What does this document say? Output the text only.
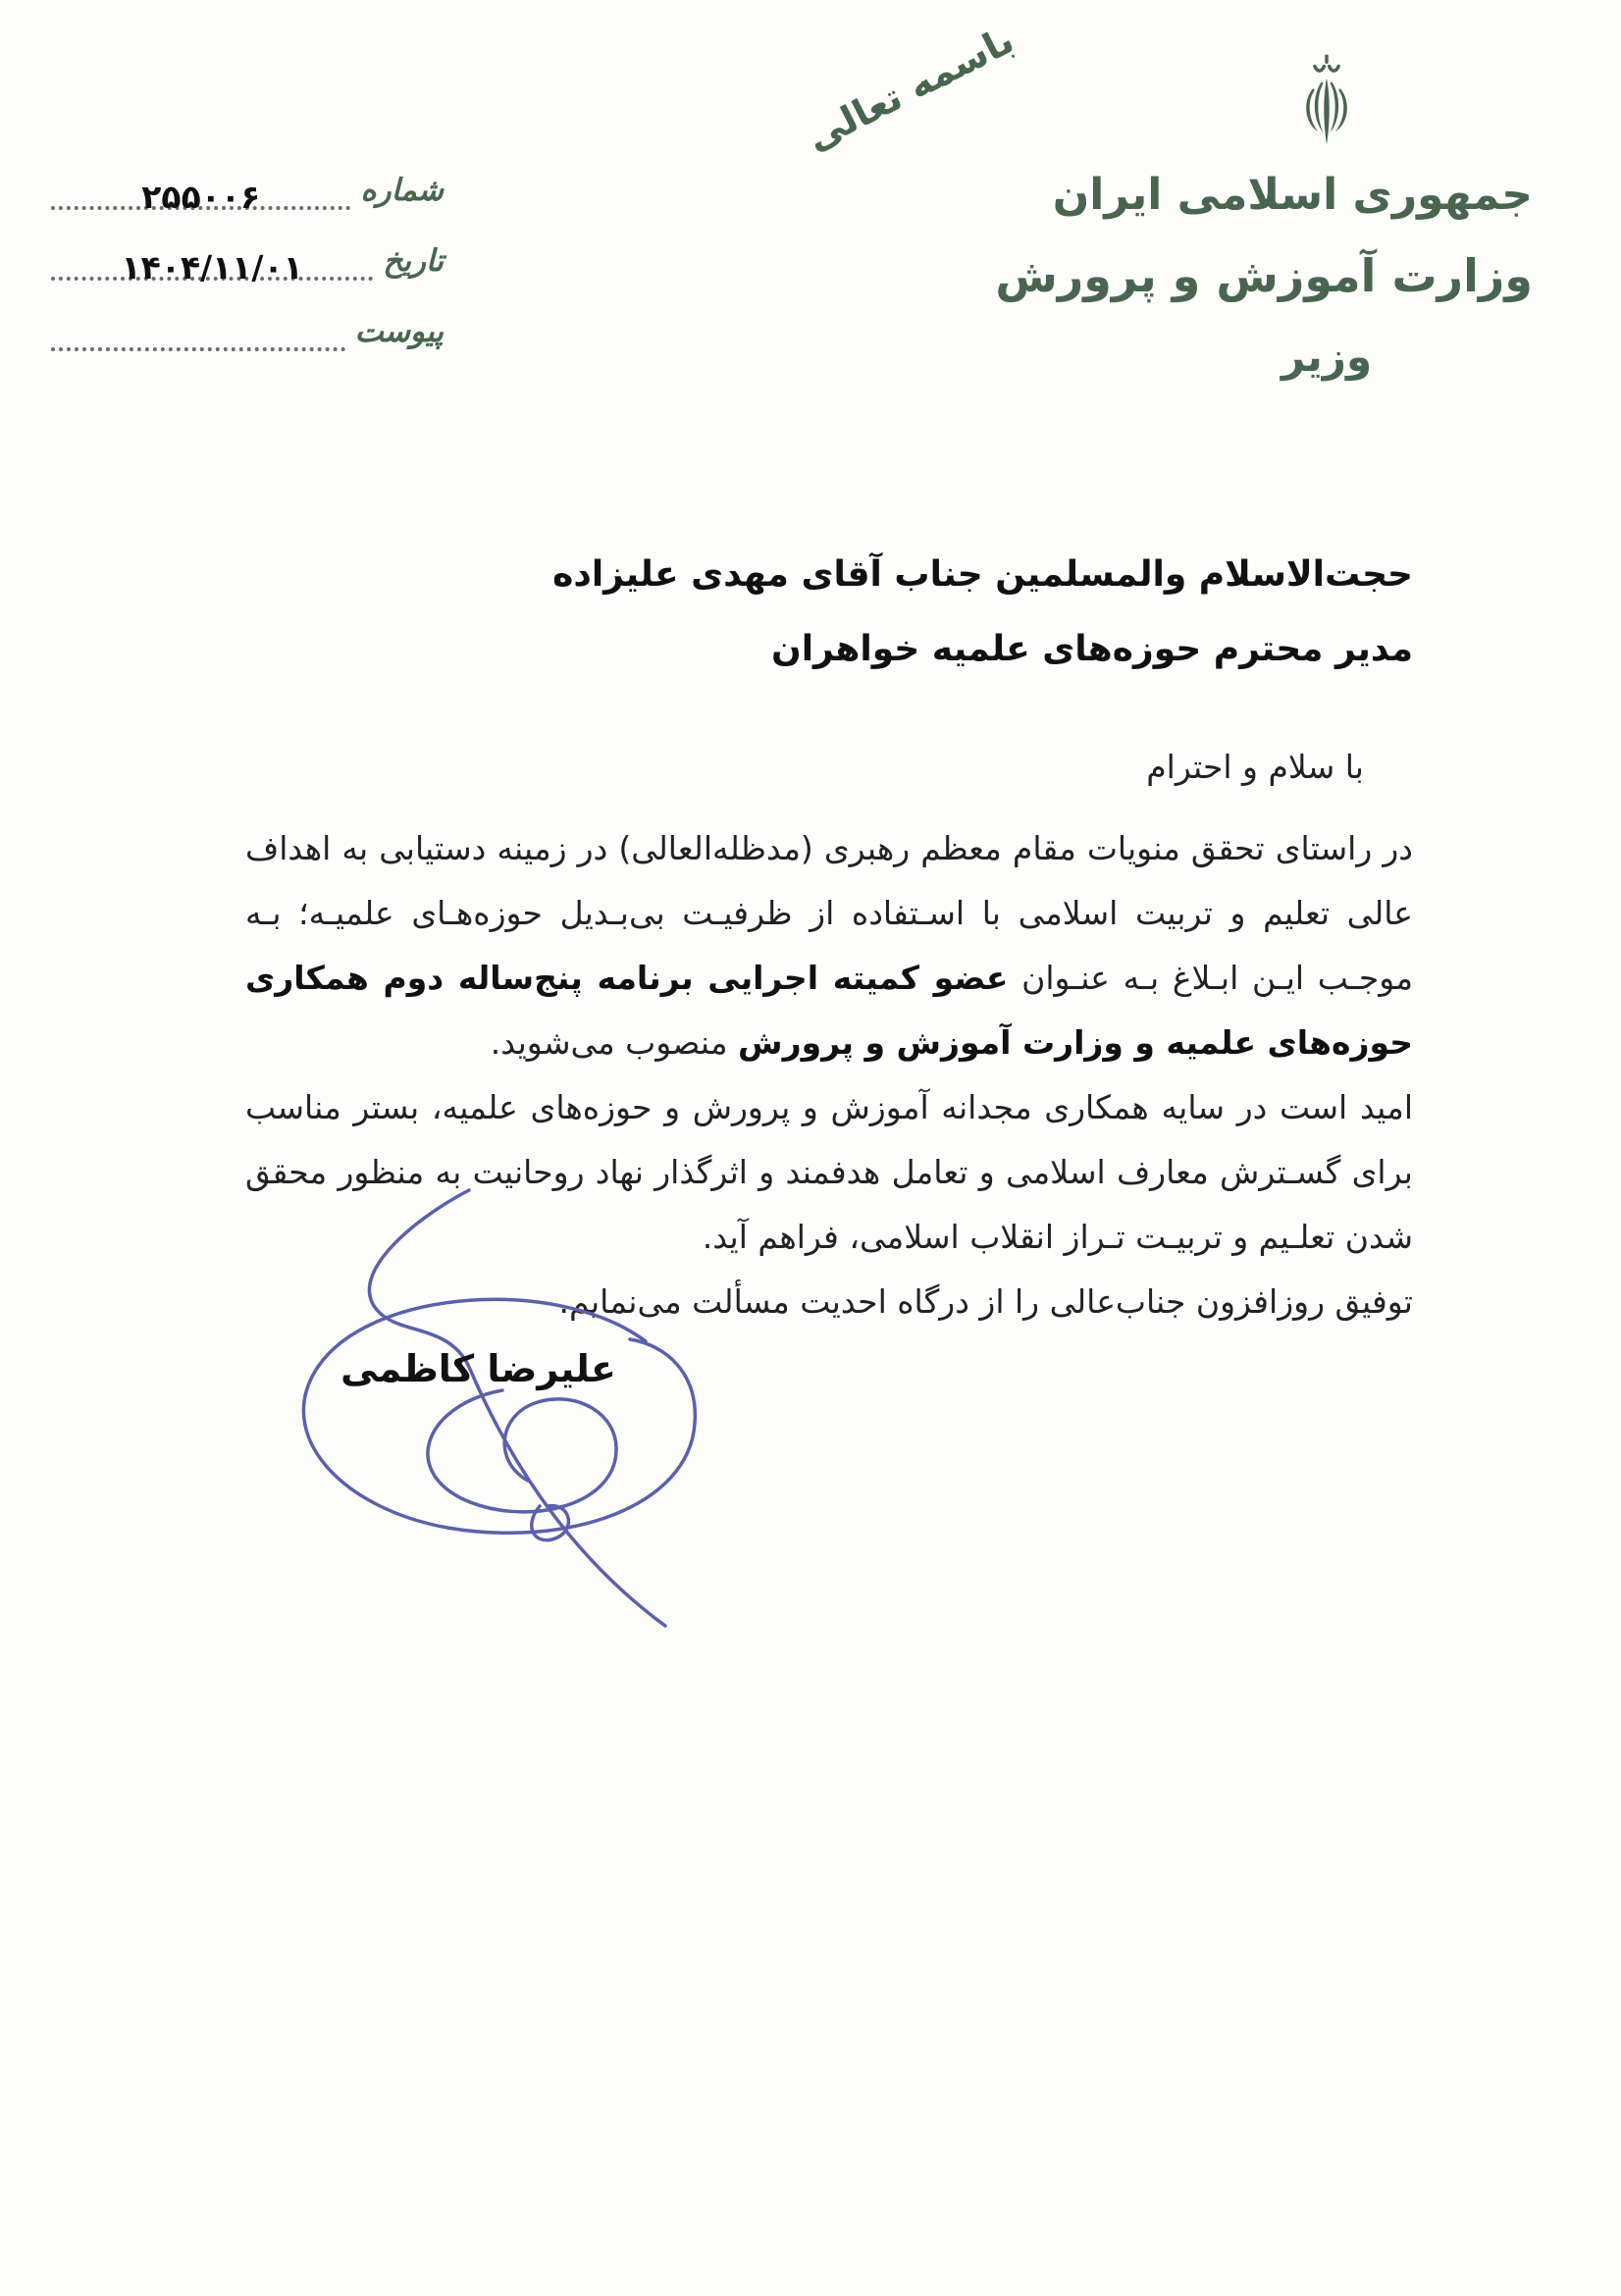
جمهوری اسلامی ایران
وزارت آموزش و پرورش
وزیر
باسمه تعالی
شماره
۲۵۵۰۰۶
تاریخ
۱۴۰۴/۱۱/۰۱
پیوست
حجت‌الاسلام والمسلمین جناب آقای مهدی علیزاده
مدیر محترم حوزه‌های علمیه خواهران
با سلام و احترام

در راستای تحقق منویات مقام معظم رهبری (مدظله‌العالی) در زمینه دستیابی به اهداف عالی تعلیم و تربیت اسلامی با اسـتفاده از ظرفیـت بی‌بـدیل حوزه‌هـای علمیـه؛ بـه موجـب ایـن ابـلاغ بـه عنـوان عضو کمیته اجرایی برنامه پنج‌ساله دوم همکاری حوزه‌های علمیه و وزارت آموزش و پرورش منصوب می‌شوید.

امید است در سایه همکاری مجدانه آموزش و پرورش و حوزه‌های علمیه، بستر مناسب برای گسـترش معارف اسلامی و تعامل هدفمند و اثرگذار نهاد روحانیت به منظور محقق شدن تعلـیم و تربیـت تـراز انقلاب اسلامی، فراهم آید.

توفیق روزافزون جناب‌عالی را از درگاه احدیت مسألت می‌نمایم.

علیرضا کاظمی
